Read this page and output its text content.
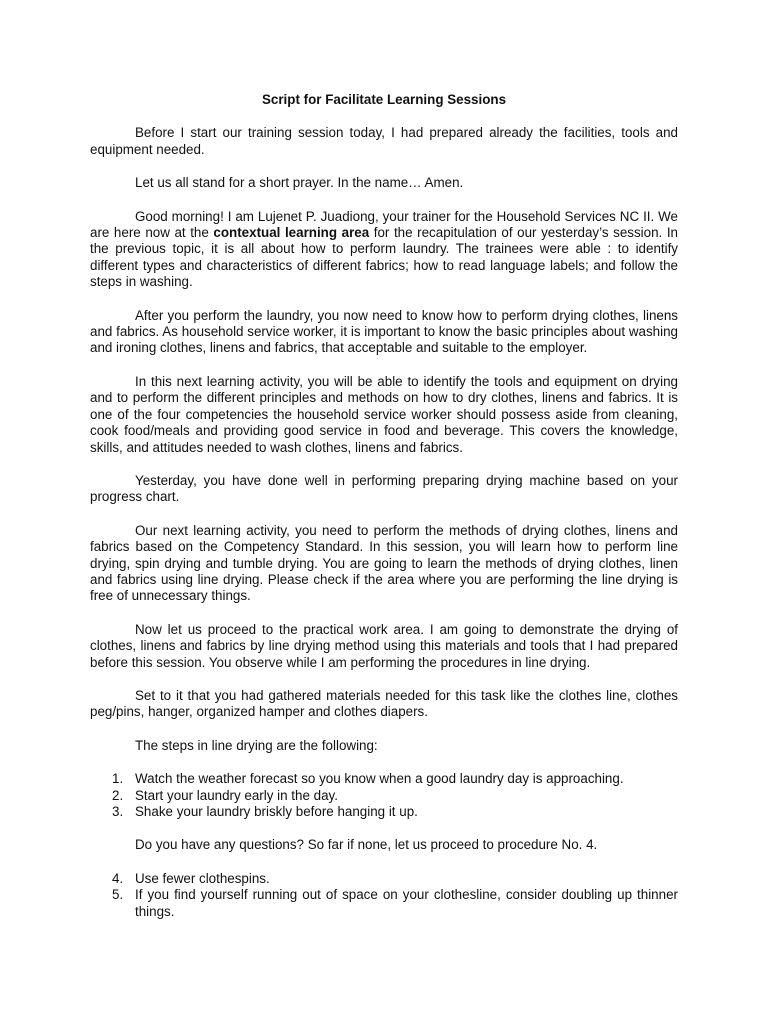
Script for Facilitate Learning Sessions
Before I start our training session today, I had prepared already the facilities, tools and equipment needed.
Let us all stand for a short prayer. In the name… Amen.
Good morning! I am Lujenet P. Juadiong, your trainer for the Household Services NC II. We are here now at the contextual learning area for the recapitulation of our yesterday’s session. In the previous topic, it is all about how to perform laundry. The trainees were able : to identify different types and characteristics of different fabrics; how to read language labels; and follow the steps in washing.
After you perform the laundry, you now need to know how to perform drying clothes, linens and fabrics. As household service worker, it is important to know the basic principles about washing and ironing clothes, linens and fabrics, that acceptable and suitable to the employer.
In this next learning activity, you will be able to identify the tools and equipment on drying and to perform the different principles and methods on how to dry clothes, linens and fabrics. It is one of the four competencies the household service worker should possess aside from cleaning, cook food/meals and providing good service in food and beverage. This covers the knowledge, skills, and attitudes needed to wash clothes, linens and fabrics.
Yesterday, you have done well in performing preparing drying machine based on your progress chart.
Our next learning activity, you need to perform the methods of drying clothes, linens and fabrics based on the Competency Standard. In this session, you will learn how to perform line drying, spin drying and tumble drying. You are going to learn the methods of drying clothes, linen and fabrics using line drying. Please check if the area where you are performing the line drying is free of unnecessary things.
Now let us proceed to the practical work area. I am going to demonstrate the drying of clothes, linens and fabrics by line drying method using this materials and tools that I had prepared before this session. You observe while I am performing the procedures in line drying.
Set to it that you had gathered materials needed for this task like the clothes line, clothes peg/pins, hanger, organized hamper and clothes diapers.
The steps in line drying are the following:
1. Watch the weather forecast so you know when a good laundry day is approaching.
2. Start your laundry early in the day.
3. Shake your laundry briskly before hanging it up.
Do you have any questions? So far if none, let us proceed to procedure No. 4.
4. Use fewer clothespins.
5. If you find yourself running out of space on your clothesline, consider doubling up thinner things.
